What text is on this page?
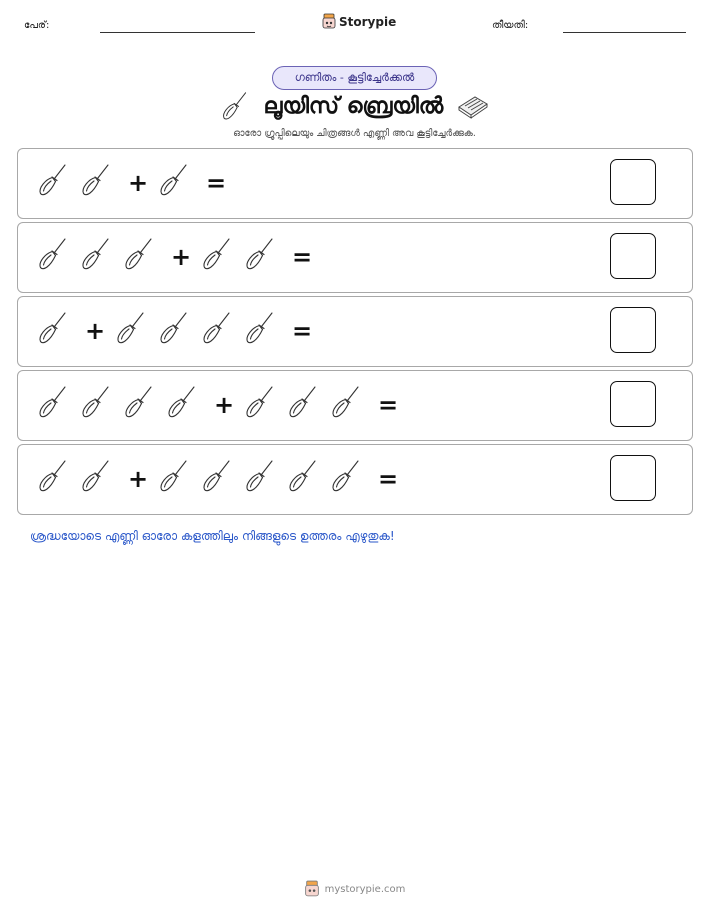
പേര്:	Storypie	തീയതി:
ഗണിതം - കൂട്ടിച്ചേർക്കൽ
ലൂയിസ് ബ്രെയിൽ
ഓരോ ഗ്രൂപ്പിലെയും ചിത്രങ്ങൾ എണ്ണി അവ കൂട്ടിച്ചേർക്കുക.
+ =
+	=
+	=
+	=
+	=
ശ്രദ്ധയോടെ എണ്ണി ഓരോ കളത്തിലും നിങ്ങളുടെ ഉത്തരം എഴുതുക!
mystorypie.com
